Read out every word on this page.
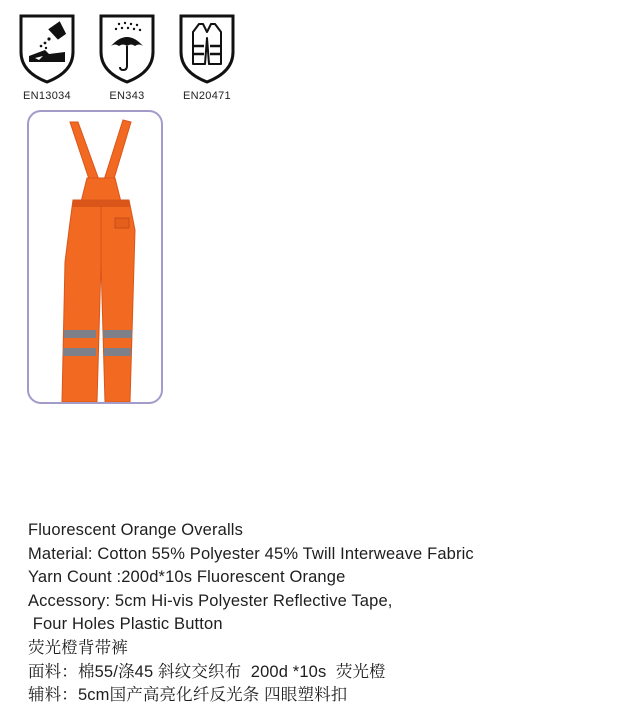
EN13034	EN343	EN20471
Fluorescent Orange Overalls
Material: Cotton 55% Polyester 45% Twill Interweave Fabric
Yarn Count :200d*10s Fluorescent Orange
Accessory: 5cm Hi-vis Polyester Reflective Tape,
Four Holes Plastic Button
荧光橙背带裤
面料：棉55/涤45 斜纹交织布  200d *10s  荧光橙
辅料：5cm国产高亮化纤反光条 四眼塑料扣
